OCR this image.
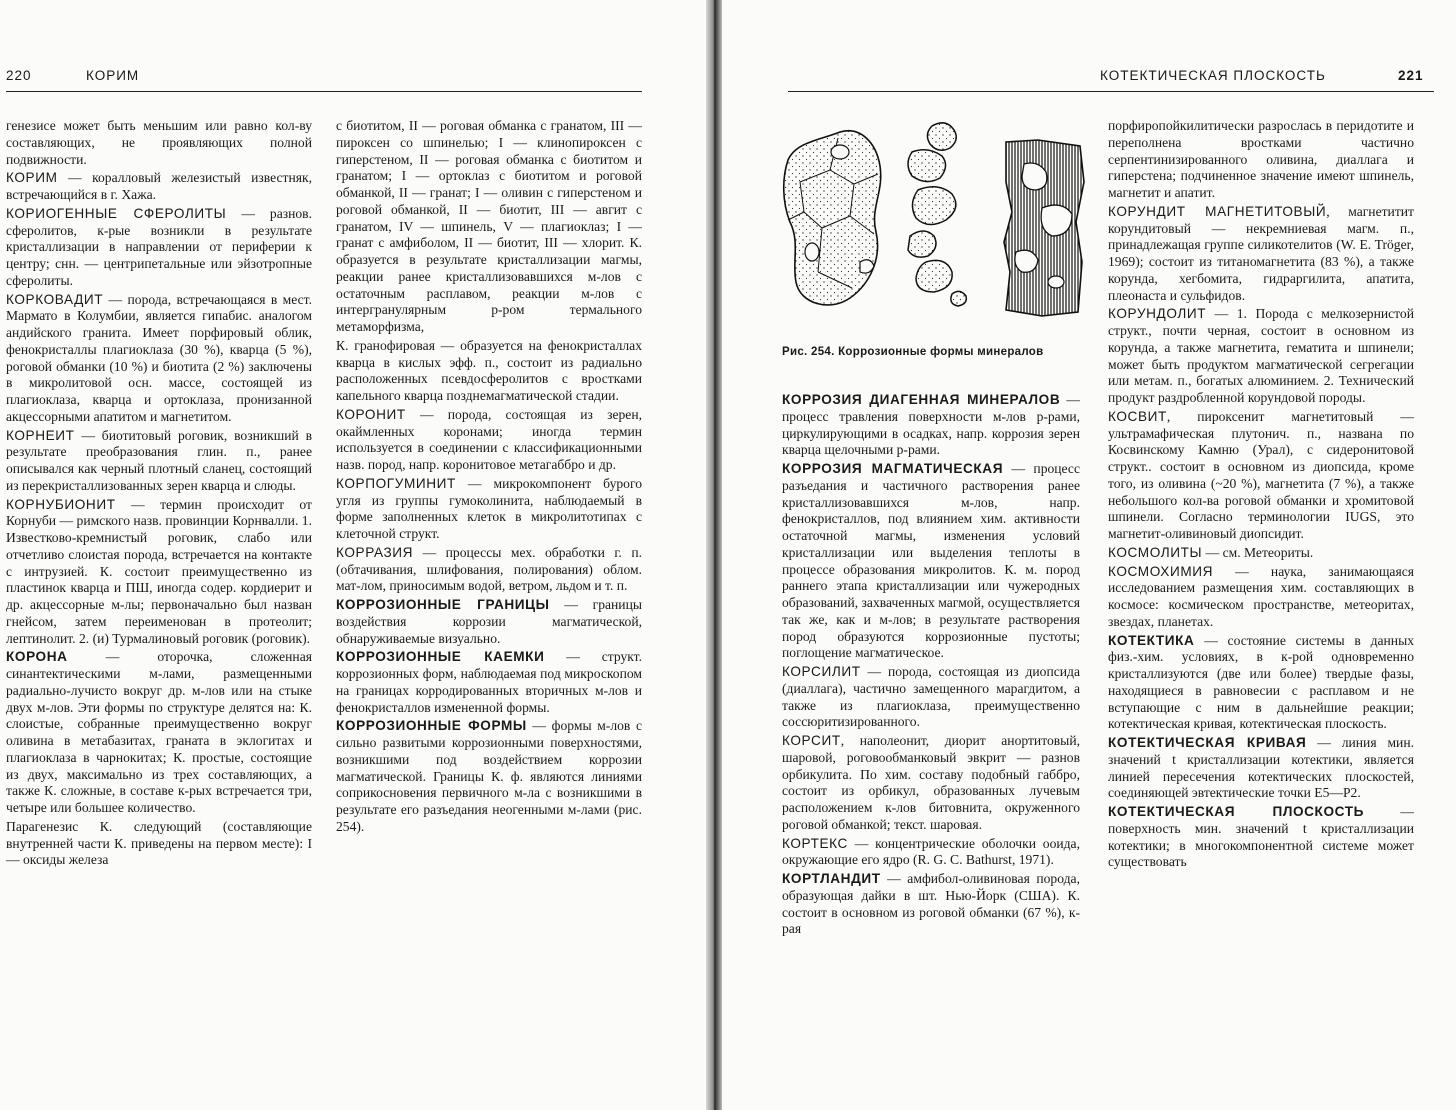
220	КОРИМ

генезисе может быть меньшим или равно кол-ву составляющих, не проявляющих полной подвижности.

КОРИМ — коралловый железистый известняк, встречающийся в г. Хажа.

КОРИОГЕННЫЕ СФЕРОЛИТЫ — разнов. сферолитов, к-рые возникли в результате кристаллизации в направлении от периферии к центру; снн. — центрипетальные или эйзотропные сферолиты.

КОРКОВАДИТ — порода, встречающаяся в мест. Мармато в Колумбии, является гипабис. аналогом андийского гранита. Имеет порфировый облик, фенокристаллы плагиоклаза (30 %), кварца (5 %), роговой обманки (10 %) и биотита (2 %) заключены в микролитовой осн. массе, состоящей из плагиоклаза, кварца и ортоклаза, пронизанной акцессорными апатитом и магнетитом.

КОРНЕИТ — биотитовый роговик, возникший в результате преобразования глин. п., ранее описывался как черный плотный сланец, состоящий из перекристаллизованных зерен кварца и слюды.

КОРНУБИОНИТ — термин происходит от Корнуби — римского назв. провинции Корнвалли. 1. Известково-кремнистый роговик, слабо или отчетливо слоистая порода, встречается на контакте с интрузией. К. состоит преимущественно из пластинок кварца и ПШ, иногда содер. кордиерит и др. акцессорные м-лы; первоначально был назван гнейсом, затем переименован в протеолит; лептинолит. 2. (и) Турмалиновый роговик (роговик).

КОРОНА — оторочка, сложенная синантектическими м-лами, размещенными радиально-лучисто вокруг др. м-лов или на стыке двух м-лов. Эти формы по структуре делятся на: К. слоистые, собранные преимущественно вокруг оливина в метабазитах, граната в эклогитах и плагиоклаза в чарнокитах; К. простые, состоящие из двух, максимально из трех составляющих, а также К. сложные, в составе к-рых встречается три, четыре или большее количество.

Парагенезис К. следующий (составляющие внутренней части К. приведены на первом месте): I — оксиды железа

с биотитом, II — роговая обманка с гранатом, III — пироксен со шпинелью; I — клинопироксен с гиперстеном, II — роговая обманка с биотитом и гранатом; I — ортоклаз с биотитом и роговой обманкой, II — гранат; I — оливин с гиперстеном и роговой обманкой, II — биотит, III — авгит с гранатом, IV — шпинель, V — плагиоклаз; I — гранат с амфиболом, II — биотит, III — хлорит. К. образуется в результате кристаллизации магмы, реакции ранее кристаллизовавшихся м-лов с остаточным расплавом, реакции м-лов с интергранулярным р-ром термального метаморфизма,

К. гранофировая — образуется на фенокристаллах кварца в кислых эфф. п., состоит из радиально расположенных псевдосферолитов с вростками капельного кварца позднемагматической стадии.

КОРОНИТ — порода, состоящая из зерен, окаймленных коронами; иногда термин используется в соединении с классификационными назв. пород, напр. коронитовое метагаббро и др.

КОРПОГУМИНИТ — микрокомпонент бурого угля из группы гумоколинита, наблюдаемый в форме заполненных клеток в микролитотипах с клеточной структ.

КОРРАЗИЯ — процессы мех. обработки г. п. (обтачивания, шлифования, полирования) облом. мат-лом, приносимым водой, ветром, льдом и т. п.

КОРРОЗИОННЫЕ ГРАНИЦЫ — границы воздействия коррозии магматической, обнаруживаемые визуально.

КОРРОЗИОННЫЕ КАЕМКИ — структ. коррозионных форм, наблюдаемая под микроскопом на границах корродированных вторичных м-лов и фенокристаллов измененной формы.

КОРРОЗИОННЫЕ ФОРМЫ — формы м-лов с сильно развитыми коррозионными поверхностями, возникшими под воздействием коррозии магматической. Границы К. ф. являются линиями соприкосновения первичного м-ла с возникшими в результате его разъедания неогенными м-лами (рис. 254).

КОТЕКТИЧЕСКАЯ ПЛОСКОСТЬ	221
Рис. 254. Коррозионные формы минералов

КОРРОЗИЯ ДИАГЕННАЯ МИНЕРАЛОВ — процесс травления поверхности м-лов р-рами, циркулирующими в осадках, напр. коррозия зерен кварца щелочными р-рами.

КОРРОЗИЯ МАГМАТИЧЕСКАЯ — процесс разъедания и частичного растворения ранее кристаллизовавшихся м-лов, напр. фенокристаллов, под влиянием хим. активности остаточной магмы, изменения условий кристаллизации или выделения теплоты в процессе образования микролитов. К. м. пород раннего этапа кристаллизации или чужеродных образований, захваченных магмой, осуществляется так же, как и м-лов; в результате растворения пород образуются коррозионные пустоты; поглощение магматическое.

КОРСИЛИТ — порода, состоящая из диопсида (диаллага), частично замещенного марагдитом, а также из плагиоклаза, преимущественно соссюритизированного.

КОРСИТ, наполеонит, диорит анортитовый, шаровой, роговообманковый эвкрит — разнов орбикулита. По хим. составу подобный габбро, состоит из орбикул, образованных лучевым расположением к-лов битовнита, окруженного роговой обманкой; текст. шаровая.

КОРТЕКС — концентрические оболочки ооида, окружающие его ядро (R. G. C. Bathurst, 1971).

КОРТЛАНДИТ — амфибол-оливиновая порода, образующая дайки в шт. Нью-Йорк (США). К. состоит в основном из роговой обманки (67 %), к-рая

порфиропойкилитически разрослась в перидотите и переполнена вростками частично серпентинизированного оливина, диаллага и гиперстена; подчиненное значение имеют шпинель, магнетит и апатит.

КОРУНДИТ МАГНЕТИТОВЫЙ, магнетитит корундитовый — некремниевая магм. п., принадлежащая группе силикотелитов (W. E. Tröger, 1969); состоит из титаномагнетита (83 %), а также корунда, хегбомита, гидраргилита, апатита, плеонаста и сульфидов.

КОРУНДОЛИТ — 1. Порода с мелкозернистой структ., почти черная, состоит в основном из корунда, а также магнетита, гематита и шпинели; может быть продуктом магматической сегрегации или метам. п., богатых алюминием. 2. Технический продукт раздробленной корундовой породы.

КОСВИТ, пироксенит магнетитовый — ультрамафическая плутонич. п., названа по Косвинскому Камню (Урал), с сидеронитовой структ.. состоит в основном из диопсида, кроме того, из оливина (~20 %), магнетита (7 %), а также небольшого кол-ва роговой обманки и хромитовой шпинели. Согласно терминологии IUGS, это магнетит-оливиновый диопсидит.

КОСМОЛИТЫ — см. Метеориты.

КОСМОХИМИЯ — наука, занимающаяся исследованием размещения хим. составляющих в космосе: космическом пространстве, метеоритах, звездах, планетах.

КОТЕКТИКА — состояние системы в данных физ.-хим. условиях, в к-рой одновременно кристаллизуются (две или более) твердые фазы, находящиеся в равновесии с расплавом и не вступающие с ним в дальнейшие реакции; котектическая кривая, котектическая плоскость.

КОТЕКТИЧЕСКАЯ КРИВАЯ — линия мин. значений t кристаллизации котектики, является линией пересечения котектических плоскостей, соединяющей эвтектические точки E5—P2.

КОТЕКТИЧЕСКАЯ ПЛОСКОСТЬ — поверхность мин. значений t кристаллизации котектики; в многокомпонентной системе может существовать
